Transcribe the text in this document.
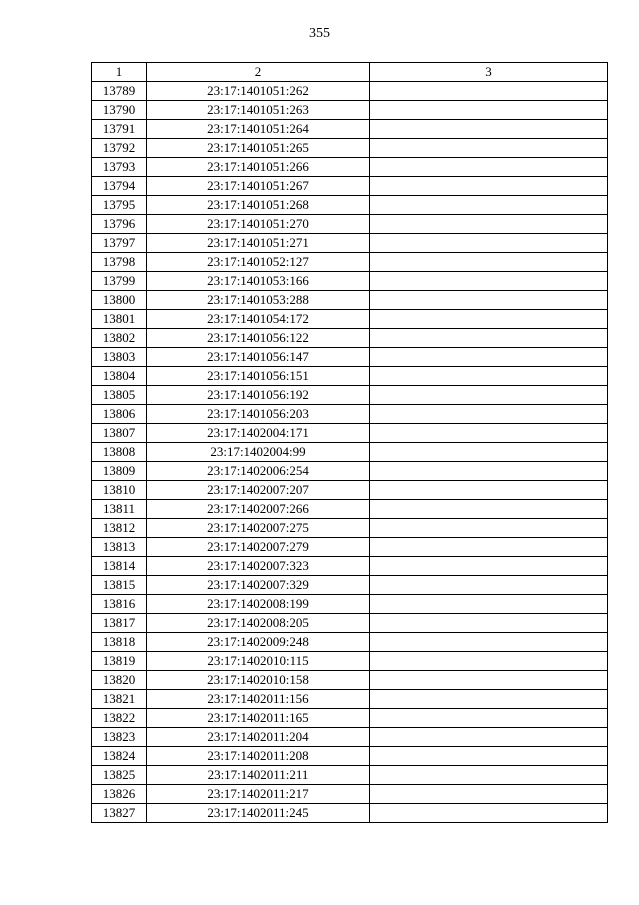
355
1	2	3
13789	23:17:1401051:262	
13790	23:17:1401051:263	
13791	23:17:1401051:264	
13792	23:17:1401051:265	
13793	23:17:1401051:266	
13794	23:17:1401051:267	
13795	23:17:1401051:268	
13796	23:17:1401051:270	
13797	23:17:1401051:271	
13798	23:17:1401052:127	
13799	23:17:1401053:166	
13800	23:17:1401053:288	
13801	23:17:1401054:172	
13802	23:17:1401056:122	
13803	23:17:1401056:147	
13804	23:17:1401056:151	
13805	23:17:1401056:192	
13806	23:17:1401056:203	
13807	23:17:1402004:171	
13808	23:17:1402004:99	
13809	23:17:1402006:254	
13810	23:17:1402007:207	
13811	23:17:1402007:266	
13812	23:17:1402007:275	
13813	23:17:1402007:279	
13814	23:17:1402007:323	
13815	23:17:1402007:329	
13816	23:17:1402008:199	
13817	23:17:1402008:205	
13818	23:17:1402009:248	
13819	23:17:1402010:115	
13820	23:17:1402010:158	
13821	23:17:1402011:156	
13822	23:17:1402011:165	
13823	23:17:1402011:204	
13824	23:17:1402011:208	
13825	23:17:1402011:211	
13826	23:17:1402011:217	
13827	23:17:1402011:245	
